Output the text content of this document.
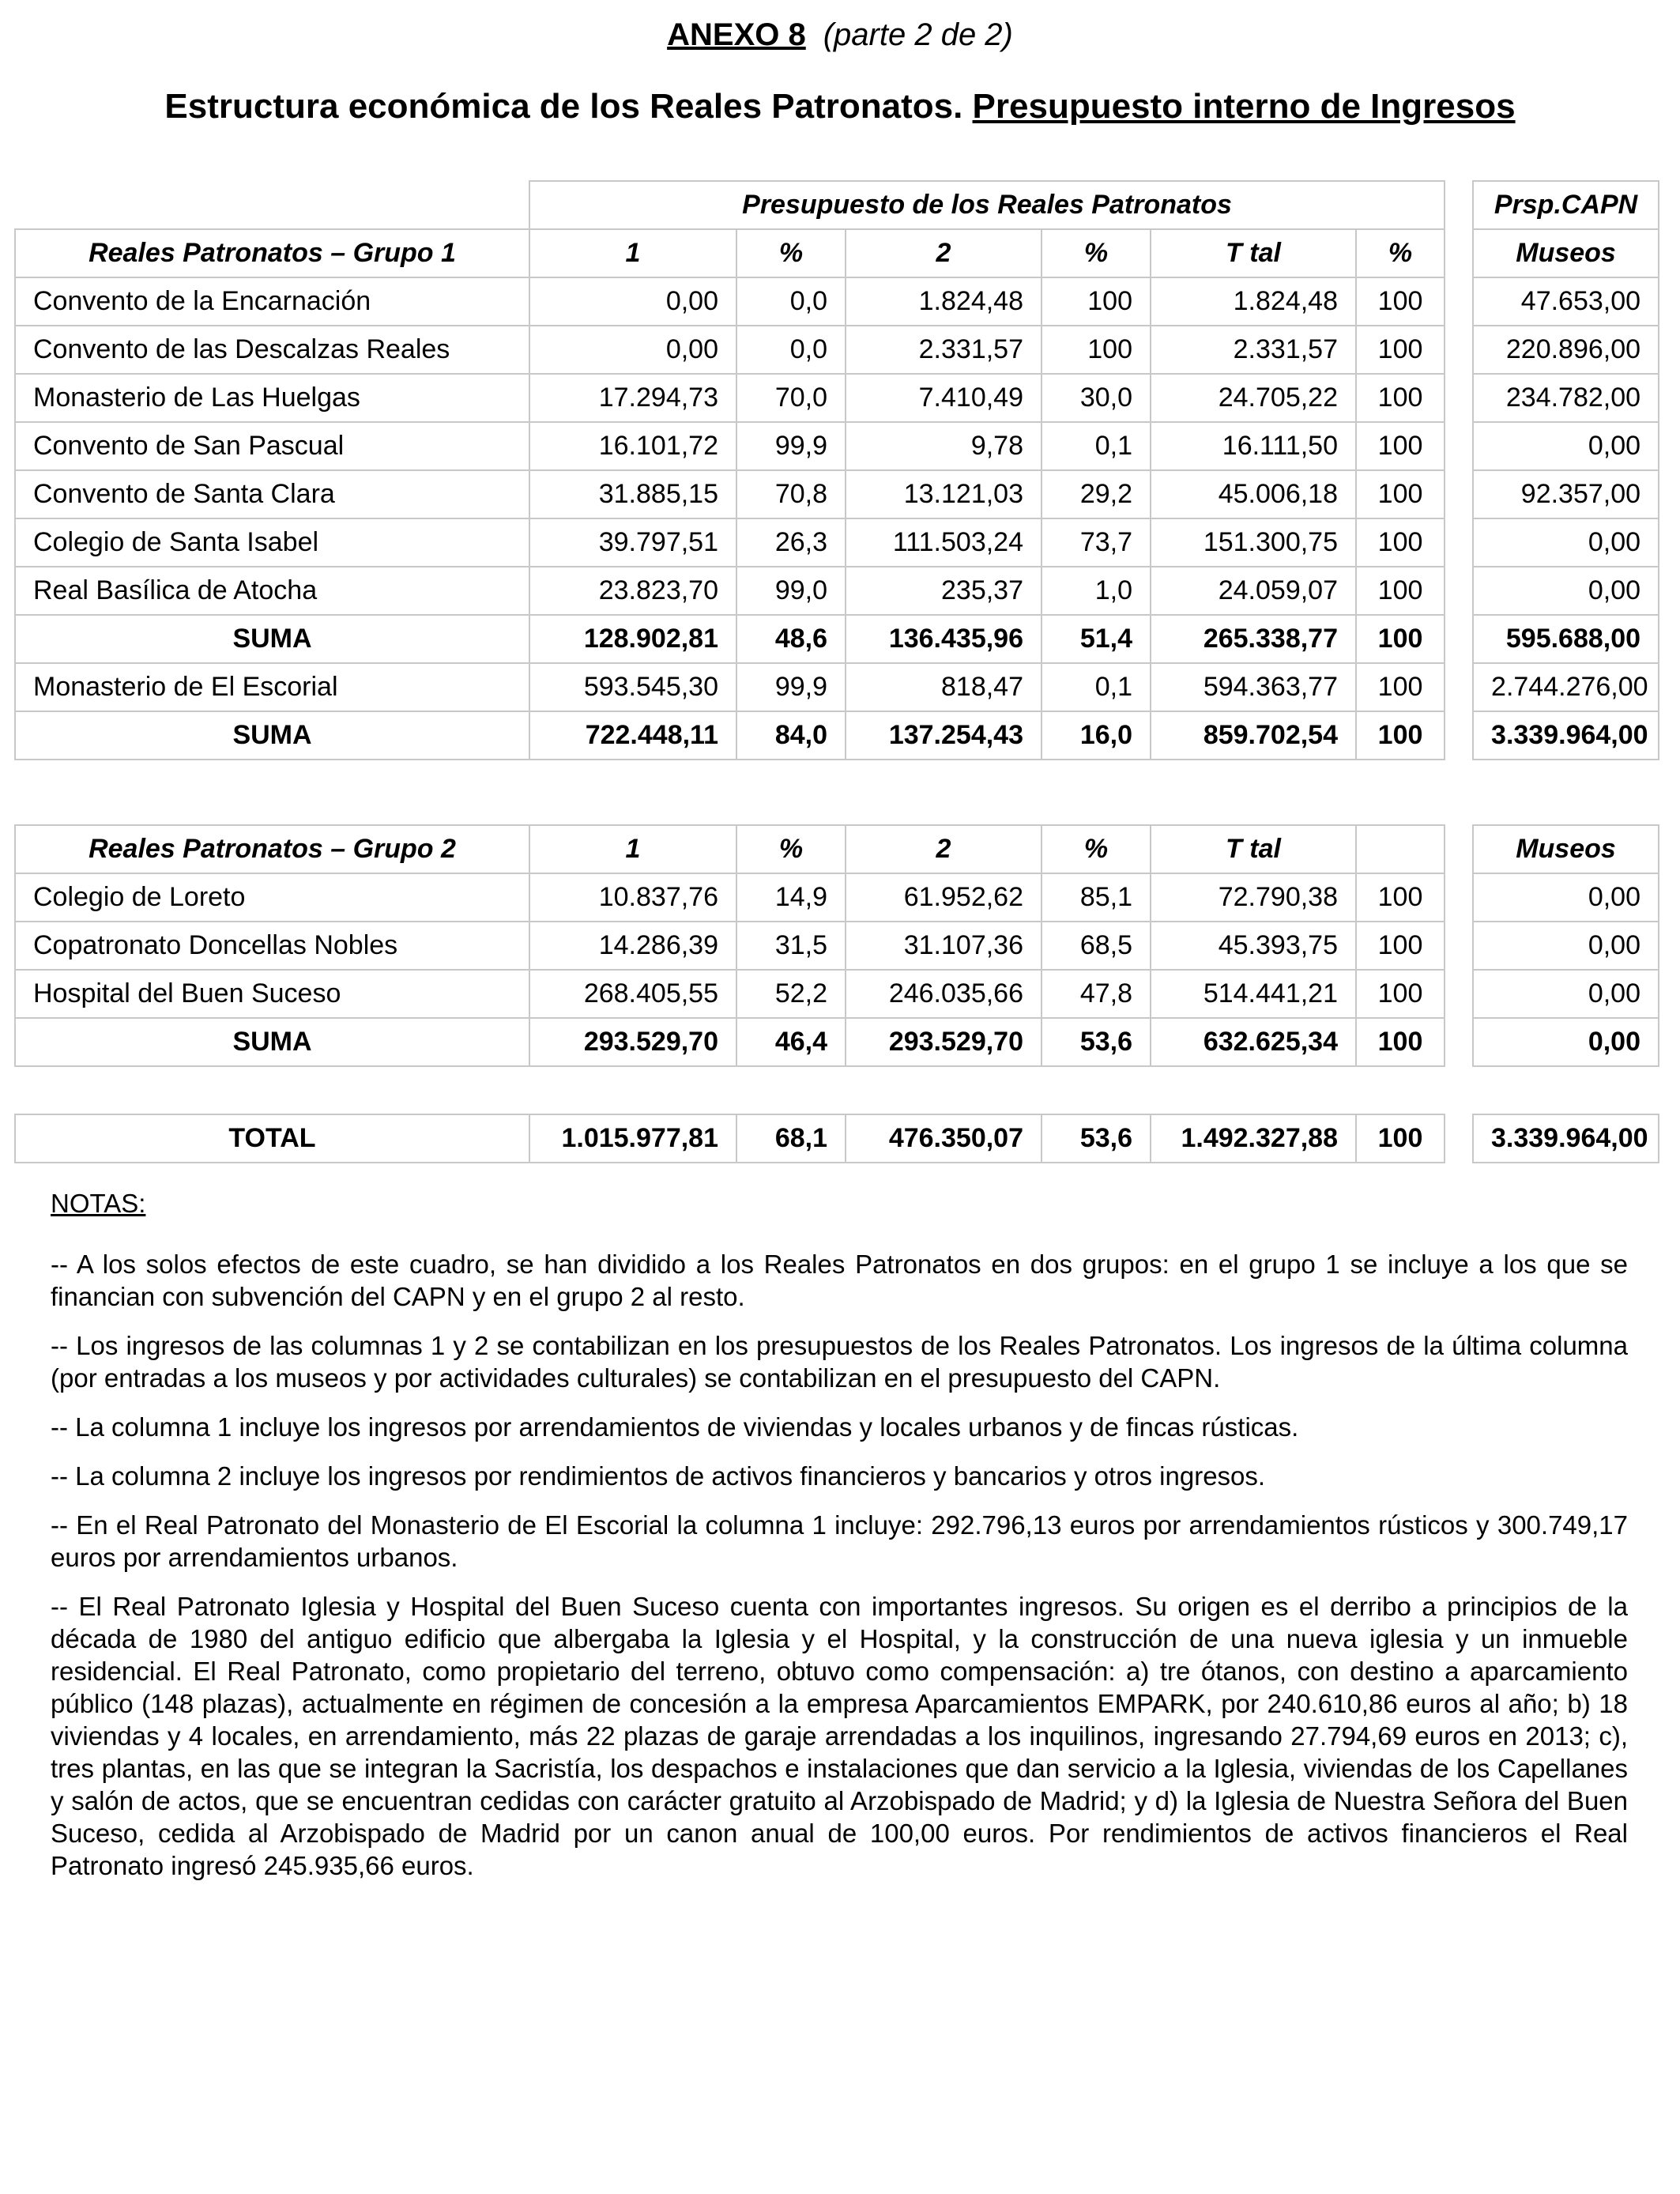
ANEXO 8 (parte 2 de 2)
Estructura económica de los Reales Patronatos. Presupuesto interno de Ingresos
	Presupuesto de los Reales Patronatos							Prsp.CAPN
Reales Patronatos – Grupo 1	1	%	2	%	T tal	%		Museos
Convento de la Encarnación	0,00	0,0	1.824,48	100	1.824,48	100		47.653,00
Convento de las Descalzas Reales	0,00	0,0	2.331,57	100	2.331,57	100		220.896,00
Monasterio de Las Huelgas	17.294,73	70,0	7.410,49	30,0	24.705,22	100		234.782,00
Convento de San Pascual	16.101,72	99,9	9,78	0,1	16.111,50	100		0,00
Convento de Santa Clara	31.885,15	70,8	13.121,03	29,2	45.006,18	100		92.357,00
Colegio de Santa Isabel	39.797,51	26,3	111.503,24	73,7	151.300,75	100		0,00
Real Basílica de Atocha	23.823,70	99,0	235,37	1,0	24.059,07	100		0,00
SUMA	128.902,81	48,6	136.435,96	51,4	265.338,77	100		595.688,00
Monasterio de El Escorial	593.545,30	99,9	818,47	0,1	594.363,77	100		2.744.276,00
SUMA	722.448,11	84,0	137.254,43	16,0	859.702,54	100		3.339.964,00
Reales Patronatos – Grupo 2	1	%	2	%	T tal			Museos
Colegio de Loreto	10.837,76	14,9	61.952,62	85,1	72.790,38	100		0,00
Copatronato Doncellas Nobles	14.286,39	31,5	31.107,36	68,5	45.393,75	100		0,00
Hospital del Buen Suceso	268.405,55	52,2	246.035,66	47,8	514.441,21	100		0,00
SUMA	293.529,70	46,4	293.529,70	53,6	632.625,34	100		0,00
TOTAL	1.015.977,81	68,1	476.350,07	53,6	1.492.327,88	100		3.339.964,00
NOTAS:
-- A los solos efectos de este cuadro, se han dividido a los Reales Patronatos en dos grupos: en el grupo 1 se incluye a los que se financian con subvención del CAPN y en el grupo 2 al resto.
-- Los ingresos de las columnas 1 y 2 se contabilizan en los presupuestos de los Reales Patronatos. Los ingresos de la última columna (por entradas a los museos y por actividades culturales) se contabilizan en el presupuesto del CAPN.
-- La columna 1 incluye los ingresos por arrendamientos de viviendas y locales urbanos y de fincas rústicas.
-- La columna 2 incluye los ingresos por rendimientos de activos financieros y bancarios y otros ingresos.
-- En el Real Patronato del Monasterio de El Escorial la columna 1 incluye: 292.796,13 euros por arrendamientos rústicos y 300.749,17 euros por arrendamientos urbanos.
-- El Real Patronato Iglesia y Hospital del Buen Suceso cuenta con importantes ingresos. Su origen es el derribo a principios de la década de 1980 del antiguo edificio que albergaba la Iglesia y el Hospital, y la construcción de una nueva iglesia y un inmueble residencial. El Real Patronato, como propietario del terreno, obtuvo como compensación: a) tre ótanos, con destino a aparcamiento público (148 plazas), actualmente en régimen de concesión a la empresa Aparcamientos EMPARK, por 240.610,86 euros al año; b) 18 viviendas y 4 locales, en arrendamiento, más 22 plazas de garaje arrendadas a los inquilinos, ingresando 27.794,69 euros en 2013; c), tres plantas, en las que se integran la Sacristía, los despachos e instalaciones que dan servicio a la Iglesia, viviendas de los Capellanes y salón de actos, que se encuentran cedidas con carácter gratuito al Arzobispado de Madrid; y d) la Iglesia de Nuestra Señora del Buen Suceso, cedida al Arzobispado de Madrid por un canon anual de 100,00 euros. Por rendimientos de activos financieros el Real Patronato ingresó 245.935,66 euros.
